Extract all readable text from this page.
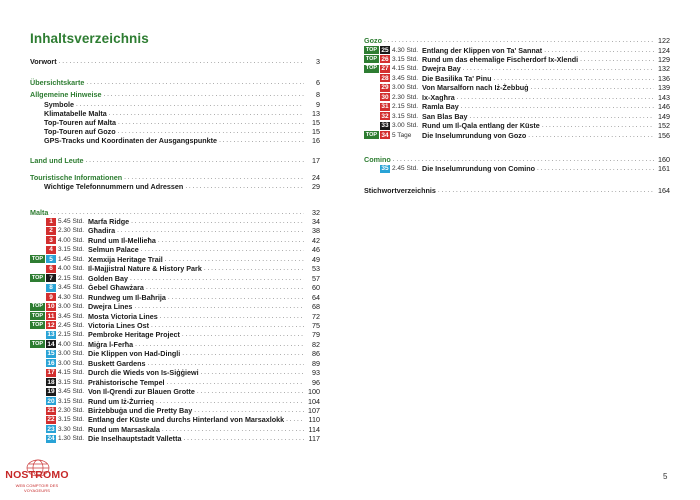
Inhaltsverzeichnis
Vorwort . . .	3
Übersichtskarte . . .	6
Allgemeine Hinweise . . .	8
Symbole . . .	9
Klimatabelle Malta . . .	13
Top-Touren auf Malta . . .	15
Top-Touren auf Gozo . . .	15
GPS-Tracks und Koordinaten der Ausgangspunkte . . .	16
Land und Leute . . .	17
Touristische Informationen . . .	24
Wichtige Telefonnummern und Adressen . . .	29
Malta . . .	32
1 5.45 Std. Marfa Ridge . . .	34
2 2.30 Std. Għadira . . .	38
3 4.00 Std. Rund um Il-Mellieħa . . .	42
4 3.15 Std. Selmun Palace . . .	46
TOP 5 1.45 Std. Xemxija Heritage Trail . . .	49
6 4.00 Std. Il-Majjistral Nature & History Park . . .	53
TOP 7 2.15 Std. Golden Bay . . .	57
8 3.45 Std. Ġebel Għawżara . . .	60
9 4.30 Std. Rundweg um Il-Baħrija . . .	64
TOP 10 3.00 Std. Dwejra Lines . . .	68
TOP 11 3.45 Std. Mosta Victoria Lines . . .	72
TOP 12 2.45 Std. Victoria Lines Ost . . .	75
13 2.15 Std. Pembroke Heritage Project . . .	79
TOP 14 4.00 Std. Miġra l-Ferħa . . .	82
15 3.00 Std. Die Klippen von Had-Dingli . . .	86
16 3.00 Std. Buskett Gardens . . .	89
17 4.15 Std. Durch die Wieds von Is-Siġġiewi . . .	93
18 3.15 Std. Prähistorische Tempel . . .	96
19 3.45 Std. Von Il-Qrendi zur Blauen Grotte . . .	100
20 3.15 Std. Rund um Iż-Żurrieq . . .	104
21 2.30 Std. Birżebbuġa und die Pretty Bay . . .	107
22 3.15 Std. Entlang der Küste und durchs Hinterland von Marsaxlokk . . .	110
23 3.30 Std. Rund um Marsaskala . . .	114
24 1.30 Std. Die Inselhauptstadt Valletta . . .	117
Gozo . . .	122
TOP 25 4.30 Std. Entlang der Klippen von Ta' Sannat . . .	124
TOP 26 3.15 Std. Rund um das ehemalige Fischerdorf Ix-Xlendi . . .	129
TOP 27 4.15 Std. Dwejra Bay . . .	132
28 3.45 Std. Die Basilika Ta' Pinu . . .	136
29 3.00 Std. Von Marsalforn nach Iż-Żebbuġ . . .	139
30 2.30 Std. Ix-Xagħra . . .	143
31 2.15 Std. Ramla Bay . . .	146
32 3.15 Std. San Blas Bay . . .	149
33 3.00 Std. Rund um Il-Qala entlang der Küste . . .	152
TOP 34 5 Tage	Die Inselumrundung von Gozo . . .	156
Comino . . .	160
35 2.45 Std. Die Inselumrundung von Comino . . .	161
Stichwortverzeichnis . . .	164
5
NOSTROMO
WEB COMPTOIR DES VOYAGEURS
